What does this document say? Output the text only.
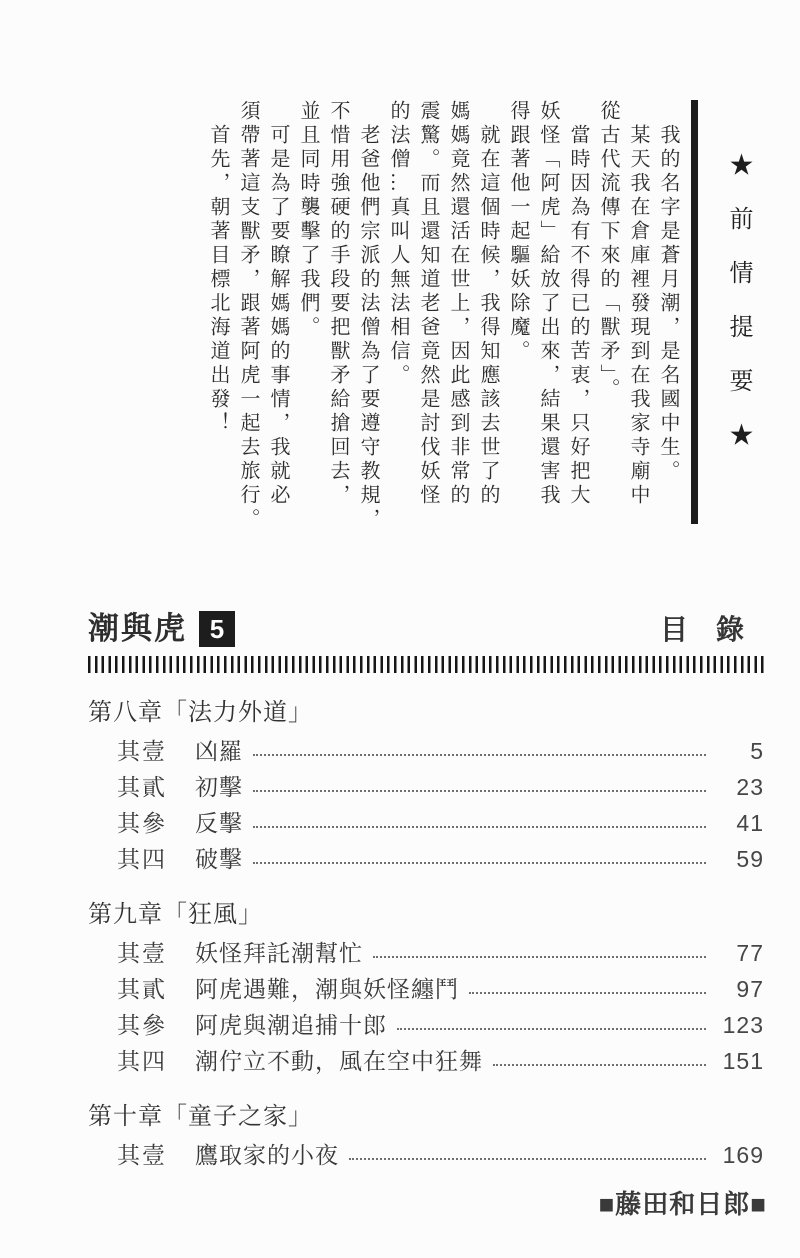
我的名字是蒼月潮，是名國中生。
某天我在倉庫裡發現到在我家寺廟中
從古代流傳下來的「獸矛」。
當時因為有不得已的苦衷，只好把大
妖怪「阿虎」給放了出來，結果還害我
得跟著他一起驅妖除魔。
就在這個時候，我得知應該去世了的
媽媽竟然還活在世上，因此感到非常的
震驚。而且還知道老爸竟然是討伐妖怪
的法僧…真叫人無法相信。
老爸他們宗派的法僧為了要遵守教規，
不惜用強硬的手段要把獸矛給搶回去，
並且同時襲擊了我們。
可是為了要瞭解媽媽的事情，我就必
須帶著這支獸矛，跟著阿虎一起去旅行。
首先，朝著目標北海道出發！	★前情提要★
潮與虎 5	目　錄
第八章「法力外道」
其壹	凶羅	5
其貳	初擊	23
其參	反擊	41
其四	破擊	59
第九章「狂風」
其壹	妖怪拜託潮幫忙	77
其貳	阿虎遇難，潮與妖怪纏鬥	97
其參	阿虎與潮追捕十郎	123
其四	潮佇立不動，風在空中狂舞	151
第十章「童子之家」
其壹	鷹取家的小夜	169
■藤田和日郎■
